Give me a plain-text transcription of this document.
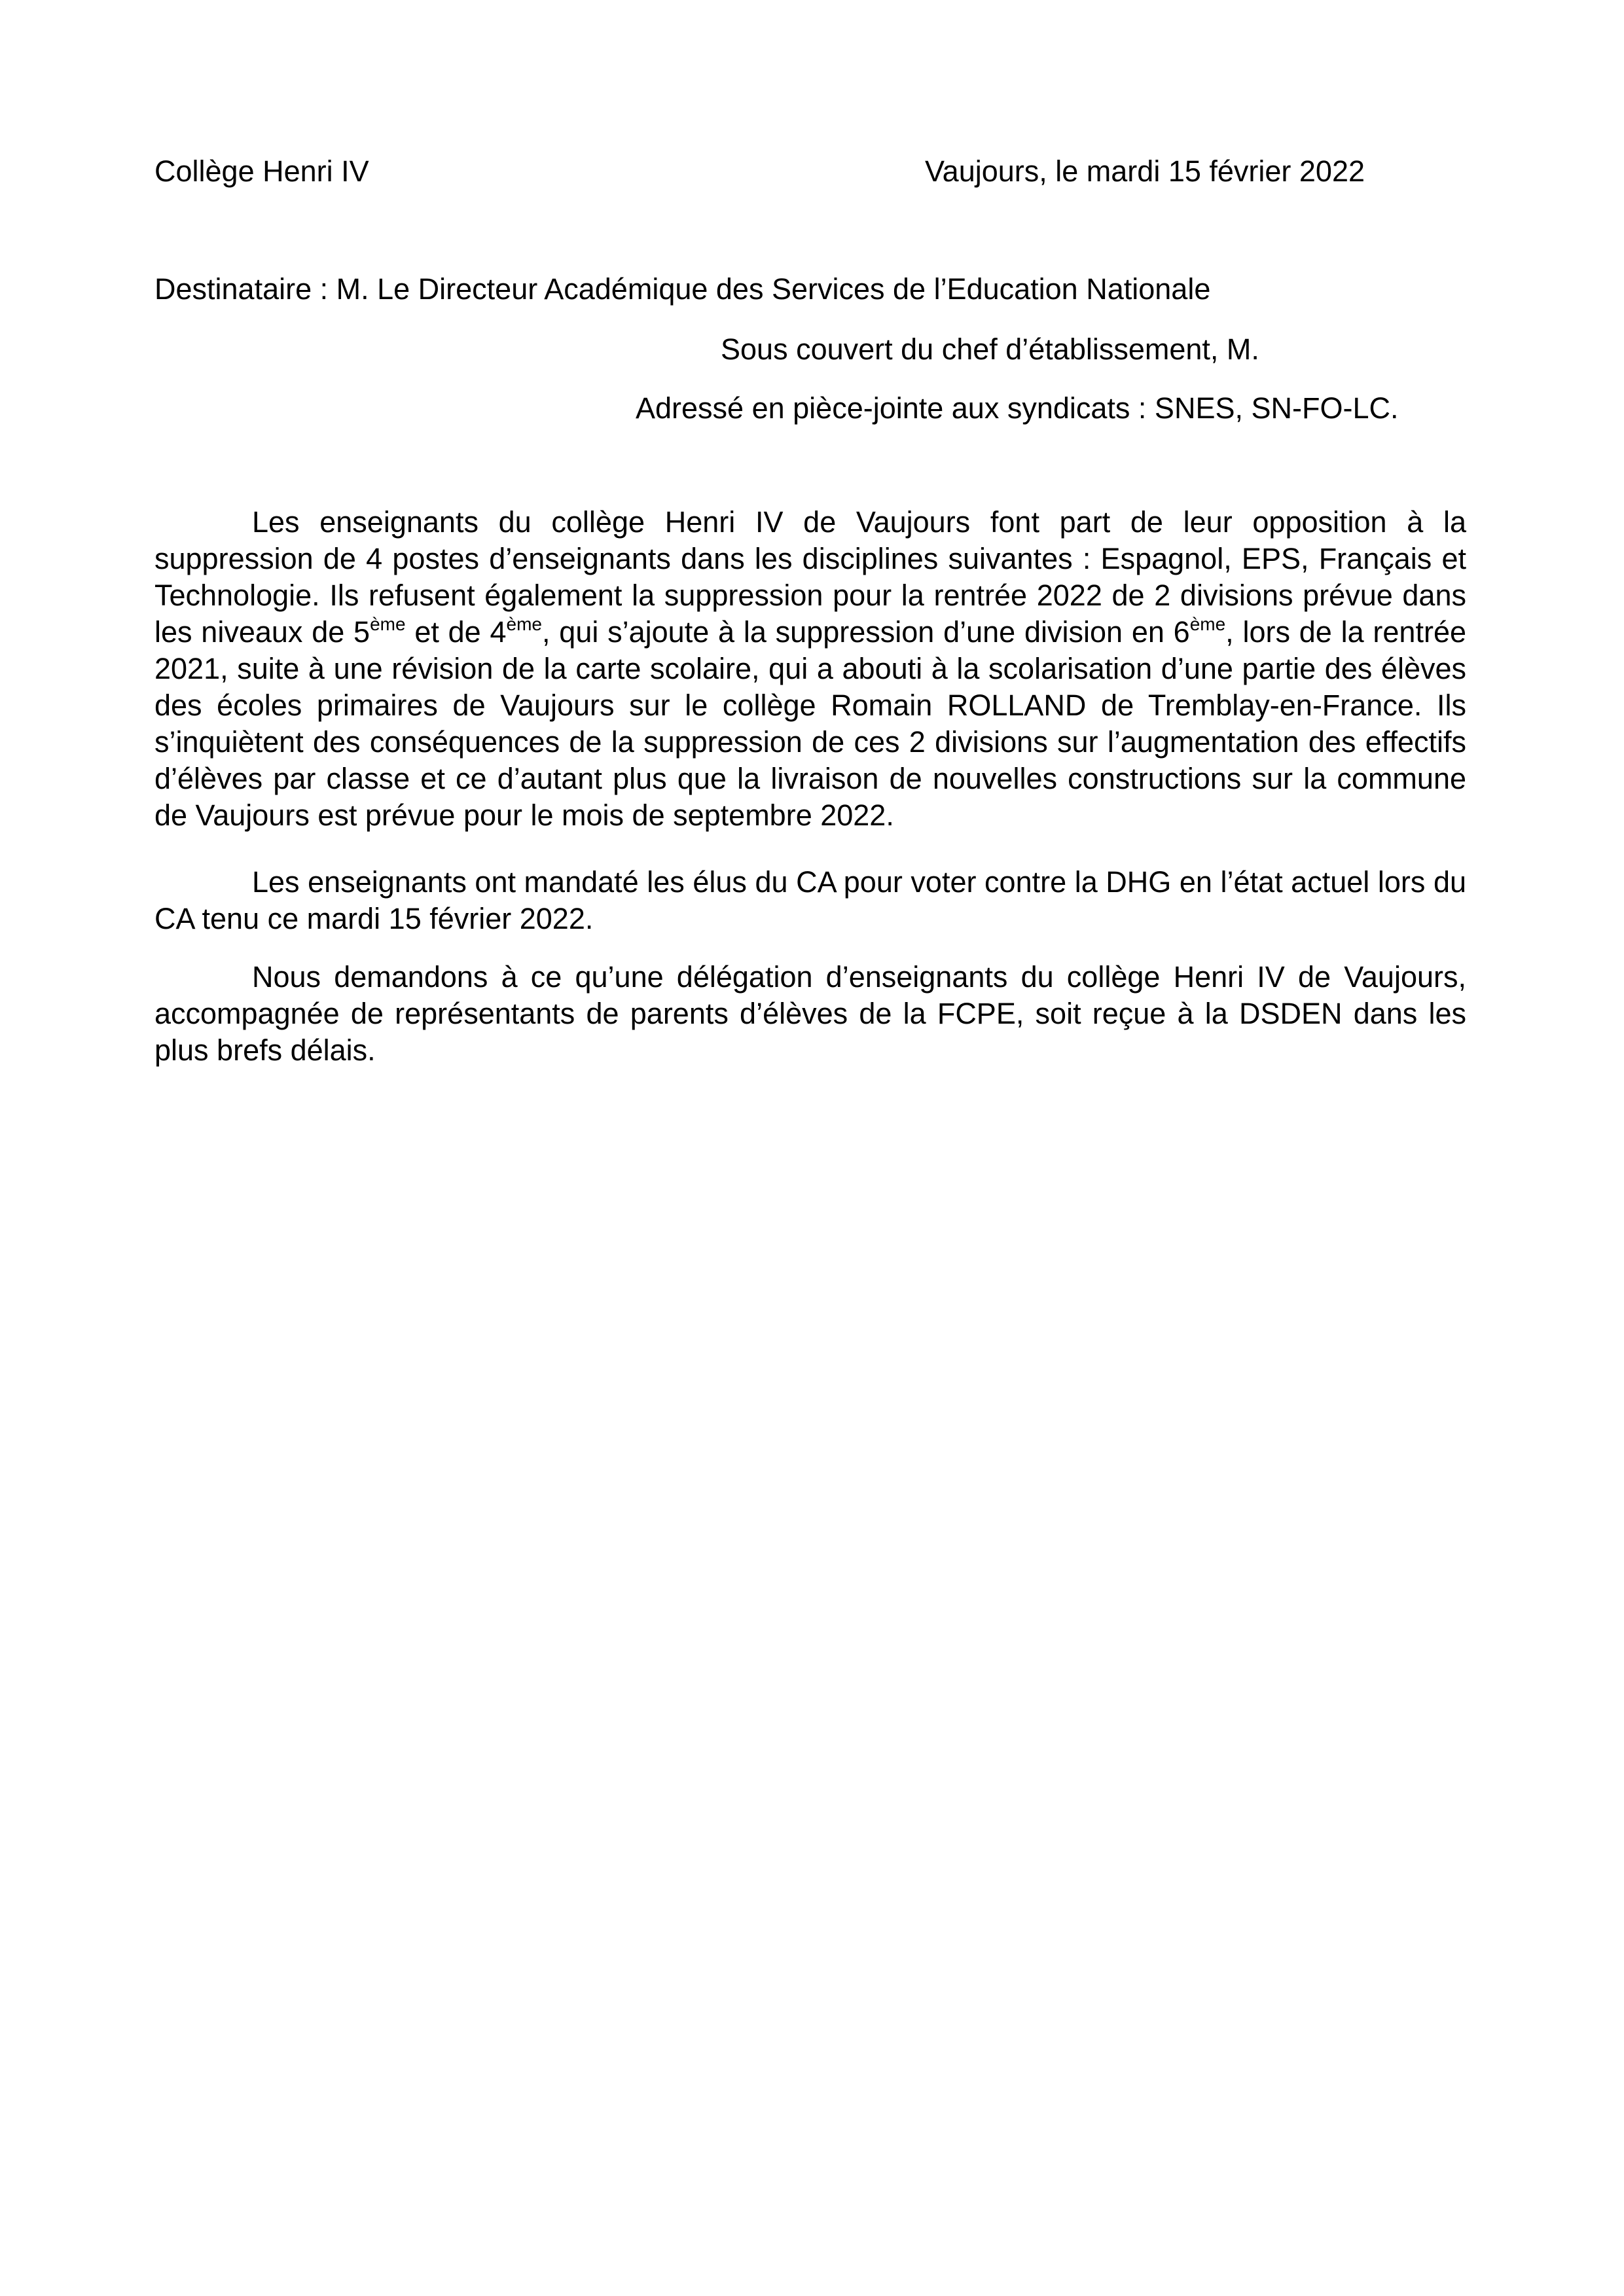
Collège Henri IV	Vaujours, le mardi 15 février 2022
Destinataire : M. Le Directeur Académique des Services de l’Education Nationale
Sous couvert du chef d’établissement, M.
Adressé en pièce-jointe aux syndicats : SNES, SN-FO-LC.

Les enseignants du collège Henri IV de Vaujours font part de leur opposition à la suppression de 4 postes d’enseignants dans les disciplines suivantes : Espagnol, EPS, Français et Technologie. Ils refusent également la suppression pour la rentrée 2022 de 2 divisions prévue dans les niveaux de 5ème et de 4ème, qui s’ajoute à la suppression d’une division en 6ème, lors de la rentrée 2021, suite à une révision de la carte scolaire, qui a abouti à la scolarisation d’une partie des élèves des écoles primaires de Vaujours sur le collège Romain ROLLAND de Tremblay-en-France. Ils s’inquiètent des conséquences de la suppression de ces 2 divisions sur l’augmentation des effectifs d’élèves par classe et ce d’autant plus que la livraison de nouvelles constructions sur la commune de Vaujours est prévue pour le mois de septembre 2022.

Les enseignants ont mandaté les élus du CA pour voter contre la DHG en l’état actuel lors du CA tenu ce mardi 15 février 2022.

Nous demandons à ce qu’une délégation d’enseignants du collège Henri IV de Vaujours, accompagnée de représentants de parents d’élèves de la FCPE, soit reçue à la DSDEN dans les plus brefs délais.
